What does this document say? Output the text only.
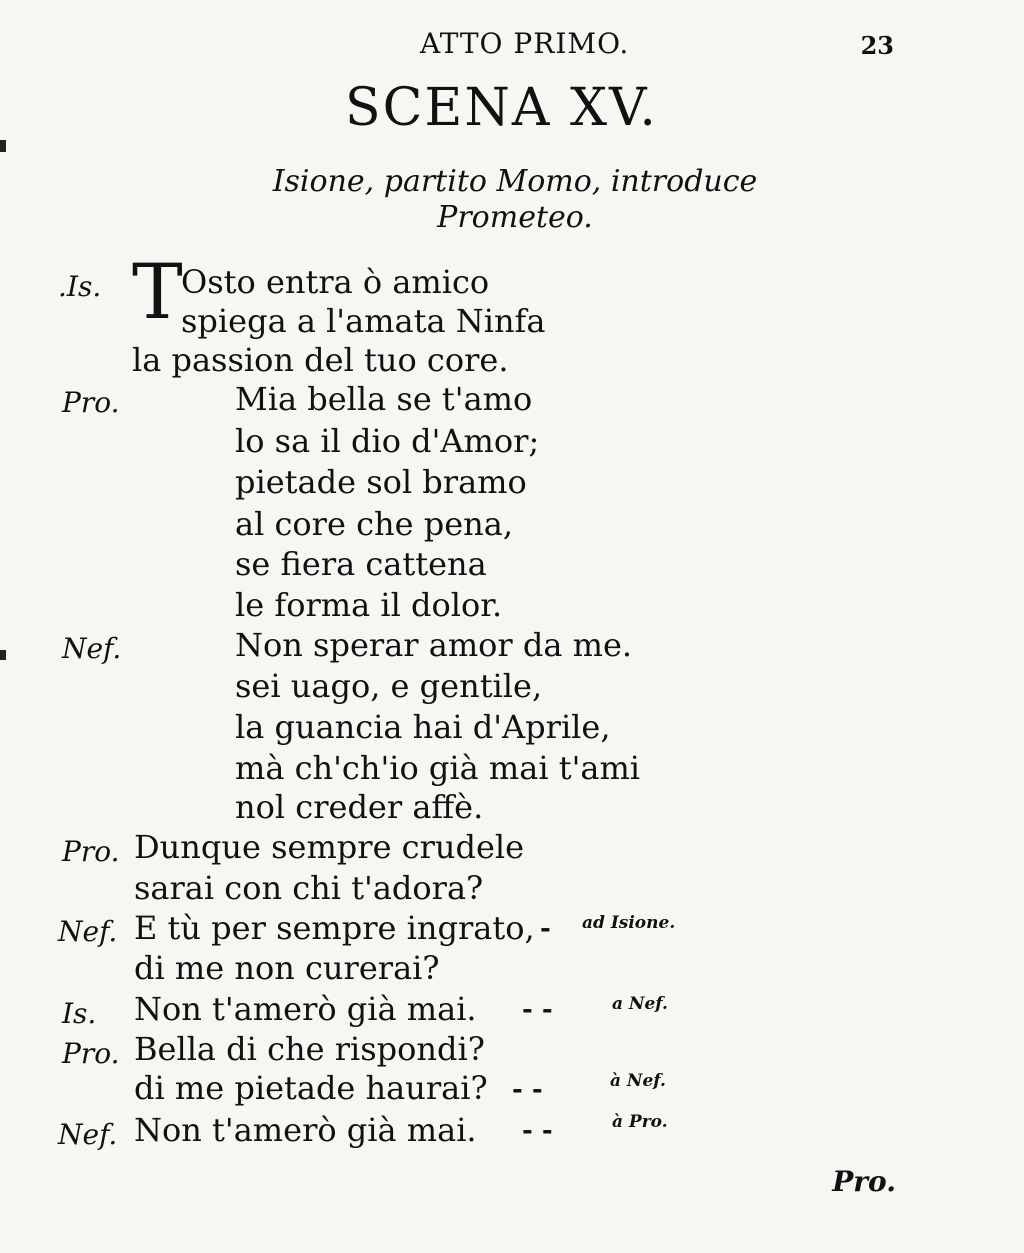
ATTO PRIMO.	23
SCENA XV.
Isione, partito Momo, introduce
Prometeo.
.Is. T
Osto entra ò amico
spiega a l'amata Ninfa
la passion del tuo core.
Pro.	Mia bella se t'amo
lo sa il dio d'Amor;
pietade sol bramo
al core che pena,
se fiera cattena
le forma il dolor.
Nef.	Non sperar amor da me.
sei uago, e gentile,
la guancia hai d'Aprile,
mà ch'ch'io già mai t'ami
nol creder affè.
Pro. Dunque sempre crudele
sarai con chi t'adora?
Nef. E tù per sempre ingrato, - ad Isione.
di me non curerai?
Is. Non t'amerò già mai. - -	a Nef.
Pro. Bella di che rispondi?
di me pietade haurai? - -	à Nef.
Nef. Non t'amerò già mai. - -	à Pro.
Pro.
